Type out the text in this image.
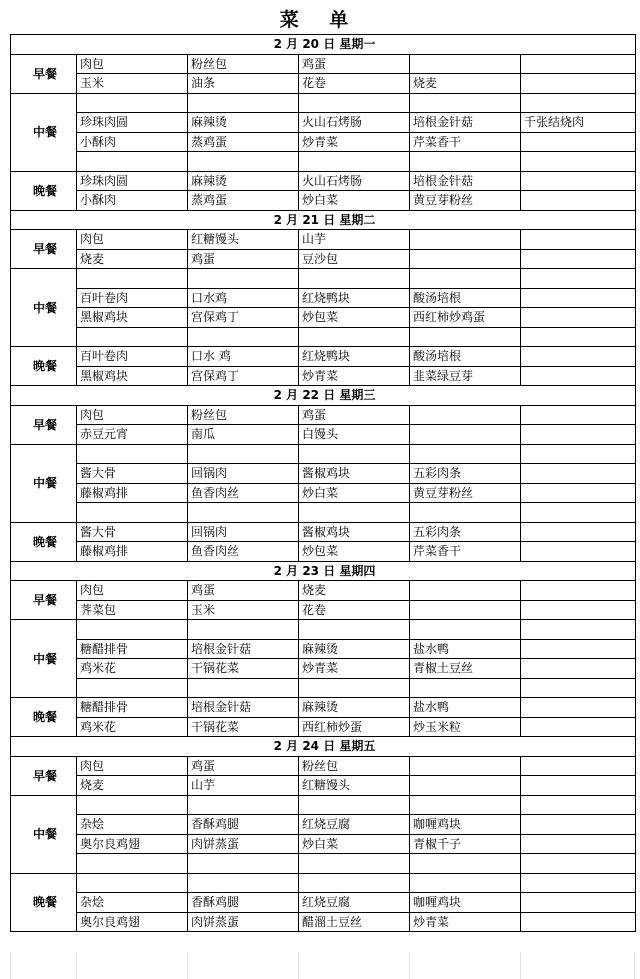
菜 单
2 月 20 日 星期一					
早餐	肉包	粉丝包	鸡蛋		
	玉米	油条	花卷	烧麦	
中餐					
	珍珠肉圆	麻辣烫	火山石烤肠	培根金针菇	千张结烧肉
	小酥肉	蒸鸡蛋	炒青菜	芹菜香干	

晚餐	珍珠肉圆	麻辣烫	火山石烤肠	培根金针菇	
	小酥肉	蒸鸡蛋	炒白菜	黄豆芽粉丝	
2 月 21 日 星期二					
早餐	肉包	红糖馒头	山芋		
	烧麦	鸡蛋	豆沙包		
中餐					
	百叶卷肉	口水鸡	红烧鸭块	酸汤培根	
	黑椒鸡块	宫保鸡丁	炒包菜	西红柿炒鸡蛋	

晚餐	百叶卷肉	口水 鸡	红烧鸭块	酸汤培根	
	黑椒鸡块	宫保鸡丁	炒青菜	韭菜绿豆芽	
2 月 22 日 星期三					
早餐	肉包	粉丝包	鸡蛋		
	赤豆元宵	南瓜	白馒头		
中餐					
	酱大骨	回锅肉	酱椒鸡块	五彩肉条	
	藤椒鸡排	鱼香肉丝	炒白菜	黄豆芽粉丝	

晚餐	酱大骨	回锅肉	酱椒鸡块	五彩肉条	
	藤椒鸡排	鱼香肉丝	炒包菜	芹菜香干	
2 月 23 日 星期四					
早餐	肉包	鸡蛋	烧麦		
	荠菜包	玉米	花卷		
中餐					
	糖醋排骨	培根金针菇	麻辣烫	盐水鸭	
	鸡米花	干锅花菜	炒青菜	青椒土豆丝	

晚餐	糖醋排骨	培根金针菇	麻辣烫	盐水鸭	
	鸡米花	干锅花菜	西红柿炒蛋	炒玉米粒	
2 月 24 日 星期五					
早餐	肉包	鸡蛋	粉丝包		
	烧麦	山芋	红糖馒头		
中餐					
	杂烩	香酥鸡腿	红烧豆腐	咖喱鸡块	
	奥尔良鸡翅	肉饼蒸蛋	炒白菜	青椒千子	

晚餐					
	杂烩	香酥鸡腿	红烧豆腐	咖喱鸡块	
	奥尔良鸡翅	肉饼蒸蛋	醋溜土豆丝	炒青菜	
